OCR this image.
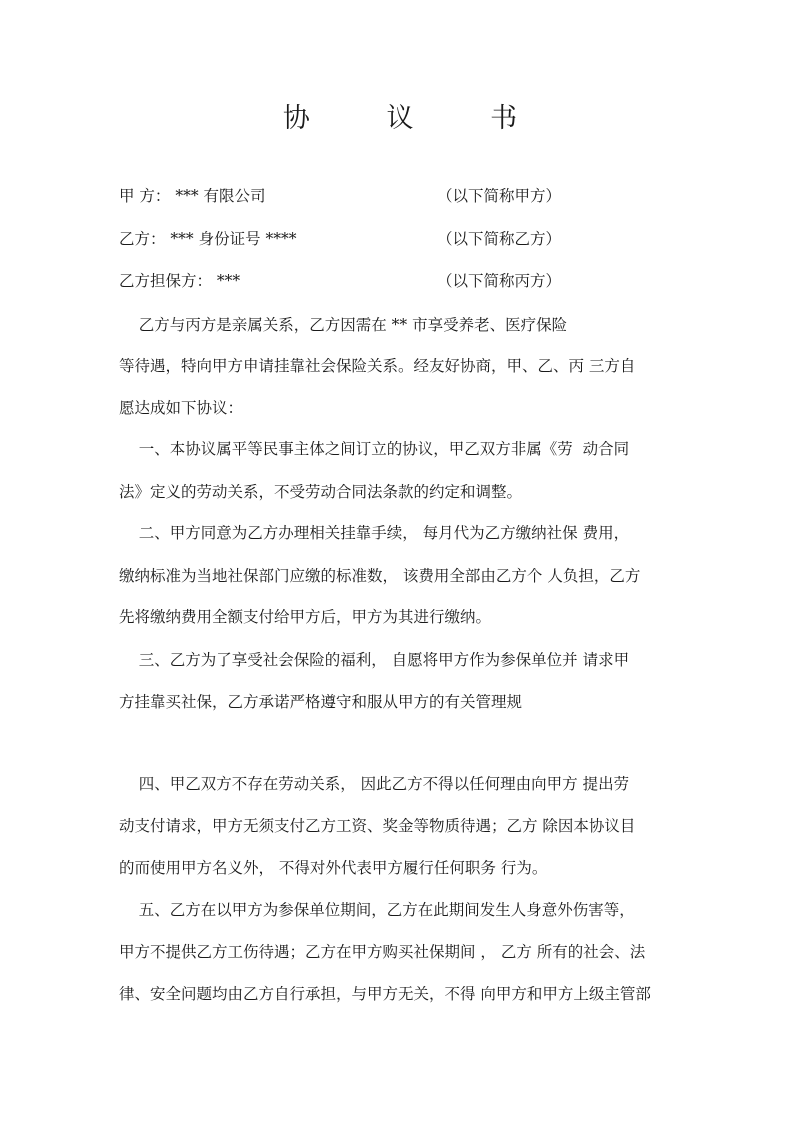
协 议 书
甲 方： *** 有限公司	（以下简称甲方）
乙方： *** 身份证号 ****	（以下简称乙方）
乙方担保方： ***	（以下简称丙方）
乙方与丙方是亲属关系，乙方因需在 ** 市享受养老、医疗保险
等待遇，特向甲方申请挂靠社会保险关系。经友好协商，甲、乙、丙 三方自
愿达成如下协议：
一、本协议属平等民事主体之间订立的协议，甲乙双方非属《劳  动合同
法》定义的劳动关系，不受劳动合同法条款的约定和调整。
二、甲方同意为乙方办理相关挂靠手续， 每月代为乙方缴纳社保 费用，
缴纳标准为当地社保部门应缴的标准数， 该费用全部由乙方个 人负担，乙方
先将缴纳费用全额支付给甲方后，甲方为其进行缴纳。
三、乙方为了享受社会保险的福利， 自愿将甲方作为参保单位并 请求甲
方挂靠买社保，乙方承诺严格遵守和服从甲方的有关管理规
四、甲乙双方不存在劳动关系， 因此乙方不得以任何理由向甲方 提出劳
动支付请求，甲方无须支付乙方工资、奖金等物质待遇；乙方 除因本协议目
的而使用甲方名义外， 不得对外代表甲方履行任何职务 行为。
五、乙方在以甲方为参保单位期间，乙方在此期间发生人身意外伤害等，
甲方不提供乙方工伤待遇；乙方在甲方购买社保期间 ， 乙方 所有的社会、法
律、安全问题均由乙方自行承担，与甲方无关，不得 向甲方和甲方上级主管部
